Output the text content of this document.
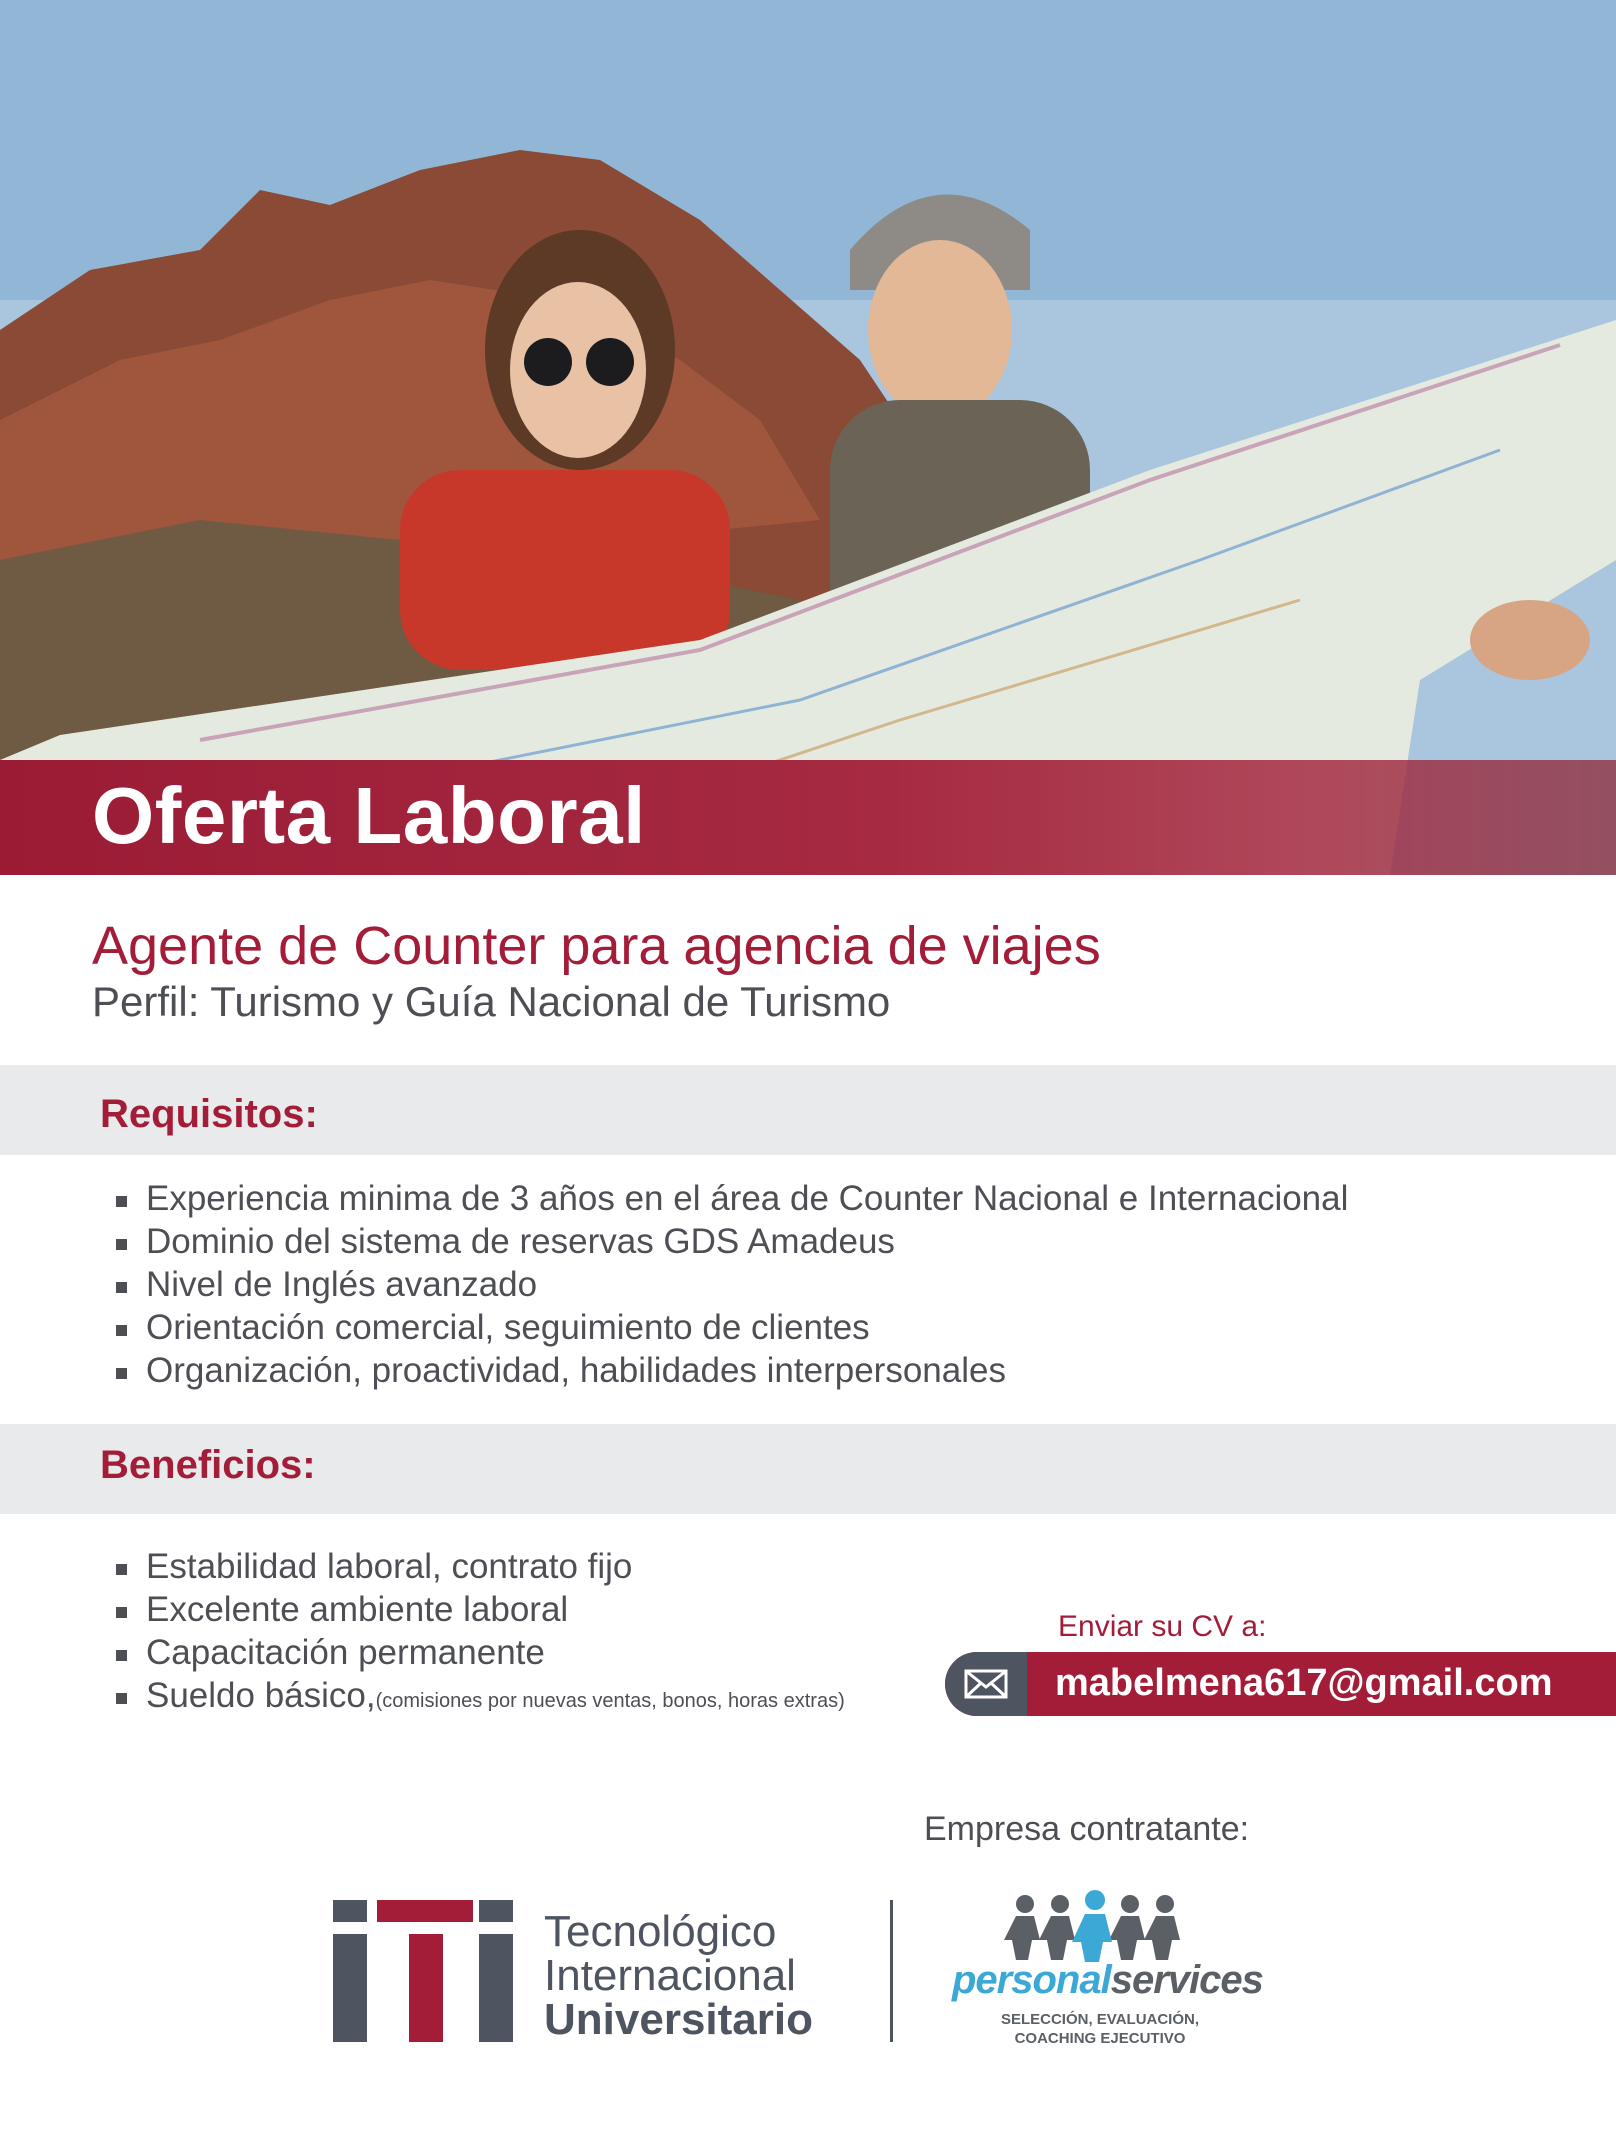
Oferta Laboral
Agente de Counter para agencia de viajes
Perfil: Turismo y Guía Nacional de Turismo
Requisitos:
Experiencia minima de 3 años en el área de Counter Nacional e Internacional
Dominio del sistema de reservas GDS Amadeus
Nivel de Inglés avanzado
Orientación comercial, seguimiento de clientes
Organización, proactividad, habilidades interpersonales
Beneficios:
Estabilidad laboral, contrato fijo
Excelente ambiente laboral
Capacitación permanente
Sueldo básico,(comisiones por nuevas ventas, bonos, horas extras)
Enviar su CV a:
mabelmena617@gmail.com
Empresa contratante:
Tecnológico
Internacional
Universitario
personalservices
SELECCIÓN, EVALUACIÓN,
COACHING EJECUTIVO
